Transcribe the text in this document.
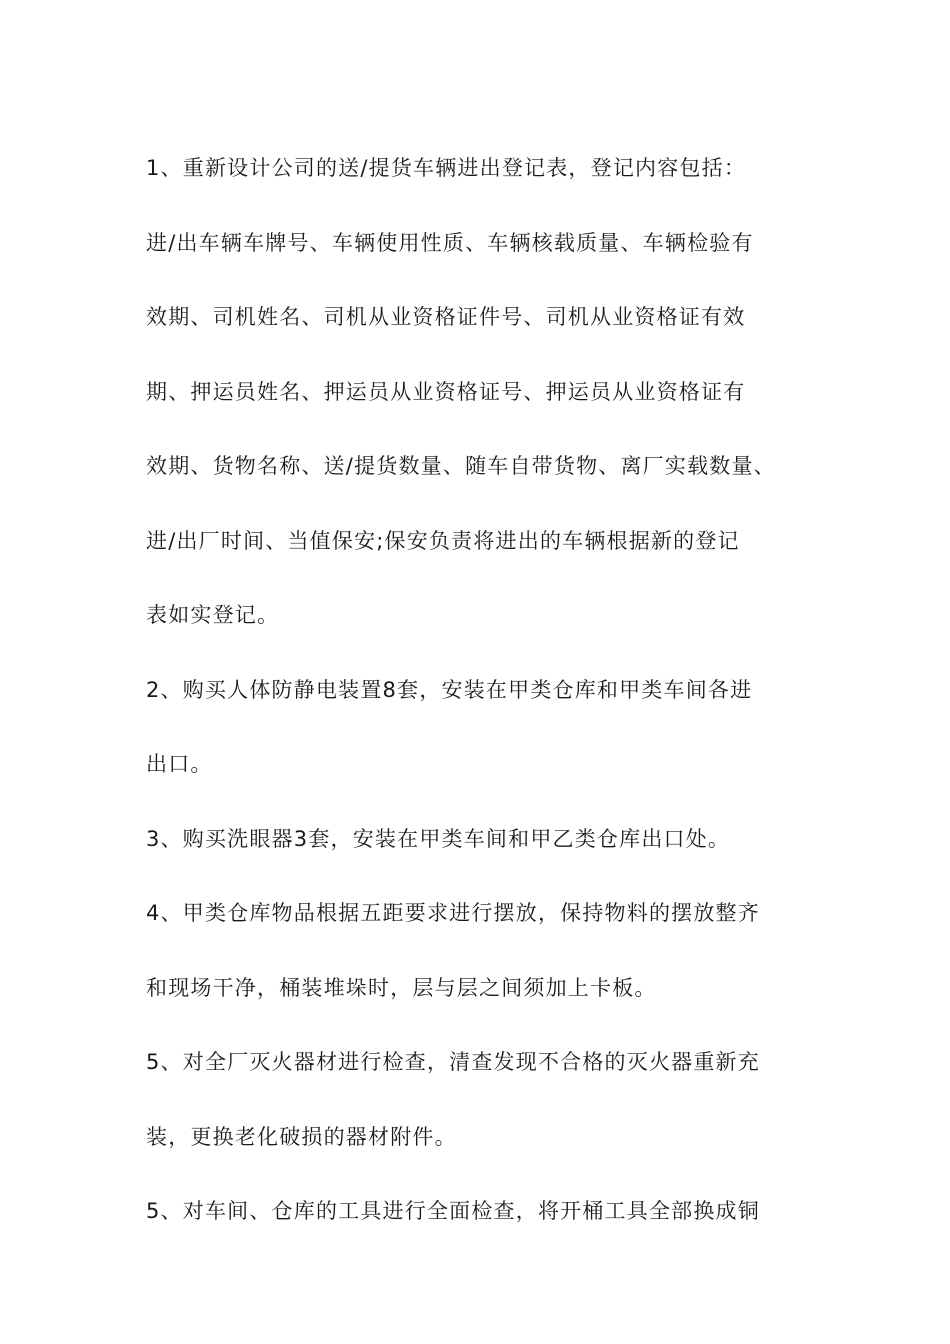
1、重新设计公司的送/提货车辆进出登记表，登记内容包括：
进/出车辆车牌号、车辆使用性质、车辆核载质量、车辆检验有
效期、司机姓名、司机从业资格证件号、司机从业资格证有效
期、押运员姓名、押运员从业资格证号、押运员从业资格证有
效期、货物名称、送/提货数量、随车自带货物、离厂实载数量、
进/出厂时间、当值保安;保安负责将进出的车辆根据新的登记
表如实登记。
2、购买人体防静电装置8套，安装在甲类仓库和甲类车间各进
出口。
3、购买洗眼器3套，安装在甲类车间和甲乙类仓库出口处。
4、甲类仓库物品根据五距要求进行摆放，保持物料的摆放整齐
和现场干净，桶装堆垛时，层与层之间须加上卡板。
5、对全厂灭火器材进行检查，清查发现不合格的灭火器重新充
装，更换老化破损的器材附件。
5、对车间、仓库的工具进行全面检查，将开桶工具全部换成铜
